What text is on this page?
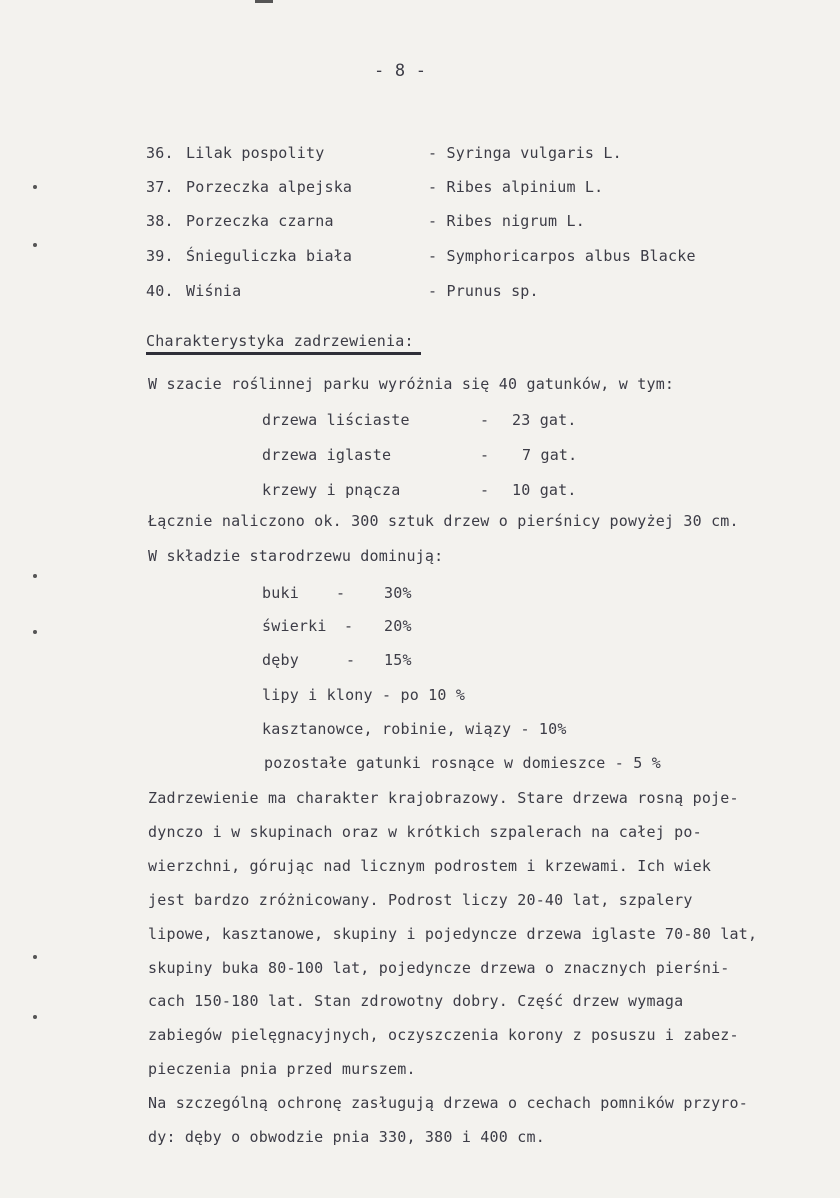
- 8 -
36. Lilak pospolity	- Syringa vulgaris L.
37. Porzeczka alpejska	- Ribes alpinium L.
38. Porzeczka czarna	- Ribes nigrum L.
39. Śnieguliczka biała	- Symphoricarpos albus Blacke
40. Wiśnia	- Prunus sp.
Charakterystyka zadrzewienia:
W szacie roślinnej parku wyróżnia się 40 gatunków, w tym:
drzewa liściaste	- 23 gat.
drzewa iglaste	- 7 gat.
krzewy i pnącza	- 10 gat.
Łącznie naliczono ok. 300 sztuk drzew o pierśnicy powyżej 30 cm.
W składzie starodrzewu dominują:
buki -	30%
świerki - 20%
dęby	- 15%
lipy i klony - po 10 %
kasztanowce, robinie, wiązy - 10%
pozostałe gatunki rosnące w domieszce - 5 %
Zadrzewienie ma charakter krajobrazowy. Stare drzewa rosną poje-
dynczo i w skupinach oraz w krótkich szpalerach na całej po-
wierzchni, górując nad licznym podrostem i krzewami. Ich wiek
jest bardzo zróżnicowany. Podrost liczy 20-40 lat, szpalery
lipowe, kasztanowe, skupiny i pojedyncze drzewa iglaste 70-80 lat,
skupiny buka 80-100 lat, pojedyncze drzewa o znacznych pierśni-
cach 150-180 lat. Stan zdrowotny dobry. Część drzew wymaga
zabiegów pielęgnacyjnych, oczyszczenia korony z posuszu i zabez-
pieczenia pnia przed murszem.
Na szczególną ochronę zasługują drzewa o cechach pomników przyro-
dy: dęby o obwodzie pnia 330, 380 i 400 cm.
